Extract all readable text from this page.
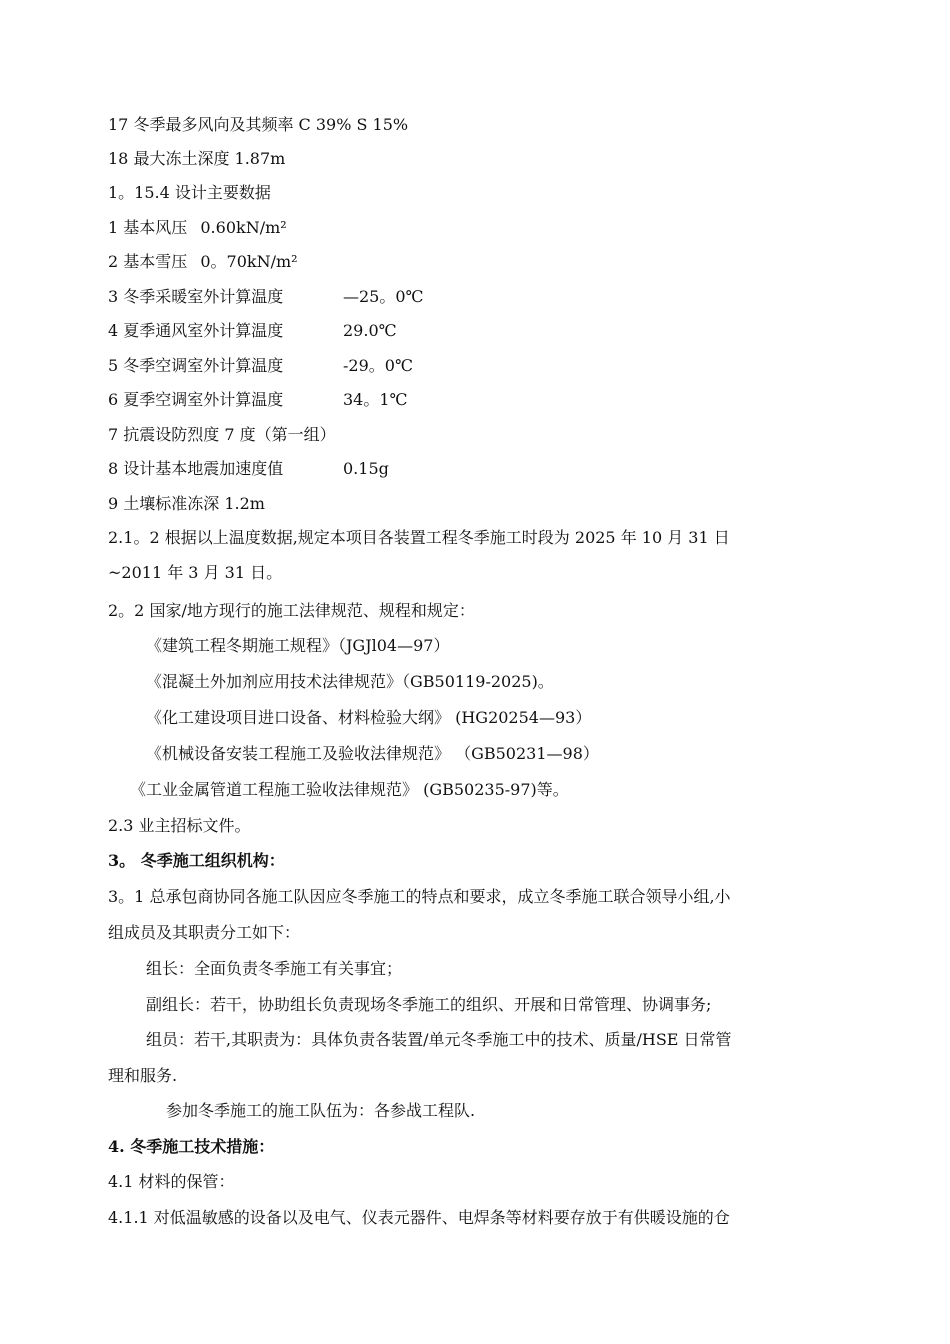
17 冬季最多风向及其频率 C 39% S 15%
18 最大冻土深度 1.87m
1。15.4 设计主要数据
1 基本风压 0.60kN/m²
2 基本雪压 0。70kN/m²
3 冬季采暖室外计算温度	—25。0℃
4 夏季通风室外计算温度	29.0℃
5 冬季空调室外计算温度	-29。0℃
6 夏季空调室外计算温度	34。1℃
7 抗震设防烈度 7 度（第一组）
8 设计基本地震加速度值	0.15g
9 土壤标准冻深 1.2m
2.1。2 根据以上温度数据,规定本项目各装置工程冬季施工时段为 2025 年 10 月 31 日
~2011 年 3 月 31 日。
2。2 国家/地方现行的施工法律规范、规程和规定：
《建筑工程冬期施工规程》（JGJl04—97）
《混凝土外加剂应用技术法律规范》（GB50119-2025)。
《化工建设项目进口设备、材料检验大纲》 (HG20254—93）
《机械设备安装工程施工及验收法律规范》 （GB50231—98）
《工业金属管道工程施工验收法律规范》 (GB50235-97)等。
2.3 业主招标文件。
3。 冬季施工组织机构：
3。1 总承包商协同各施工队因应冬季施工的特点和要求，成立冬季施工联合领导小组,小
组成员及其职责分工如下：
组长：全面负责冬季施工有关事宜；
副组长：若干，协助组长负责现场冬季施工的组织、开展和日常管理、协调事务;
组员：若干,其职责为：具体负责各装置/单元冬季施工中的技术、质量/HSE 日常管
理和服务.
参加冬季施工的施工队伍为：各参战工程队.
4. 冬季施工技术措施：
4.1 材料的保管：
4.1.1 对低温敏感的设备以及电气、仪表元器件、电焊条等材料要存放于有供暖设施的仓
